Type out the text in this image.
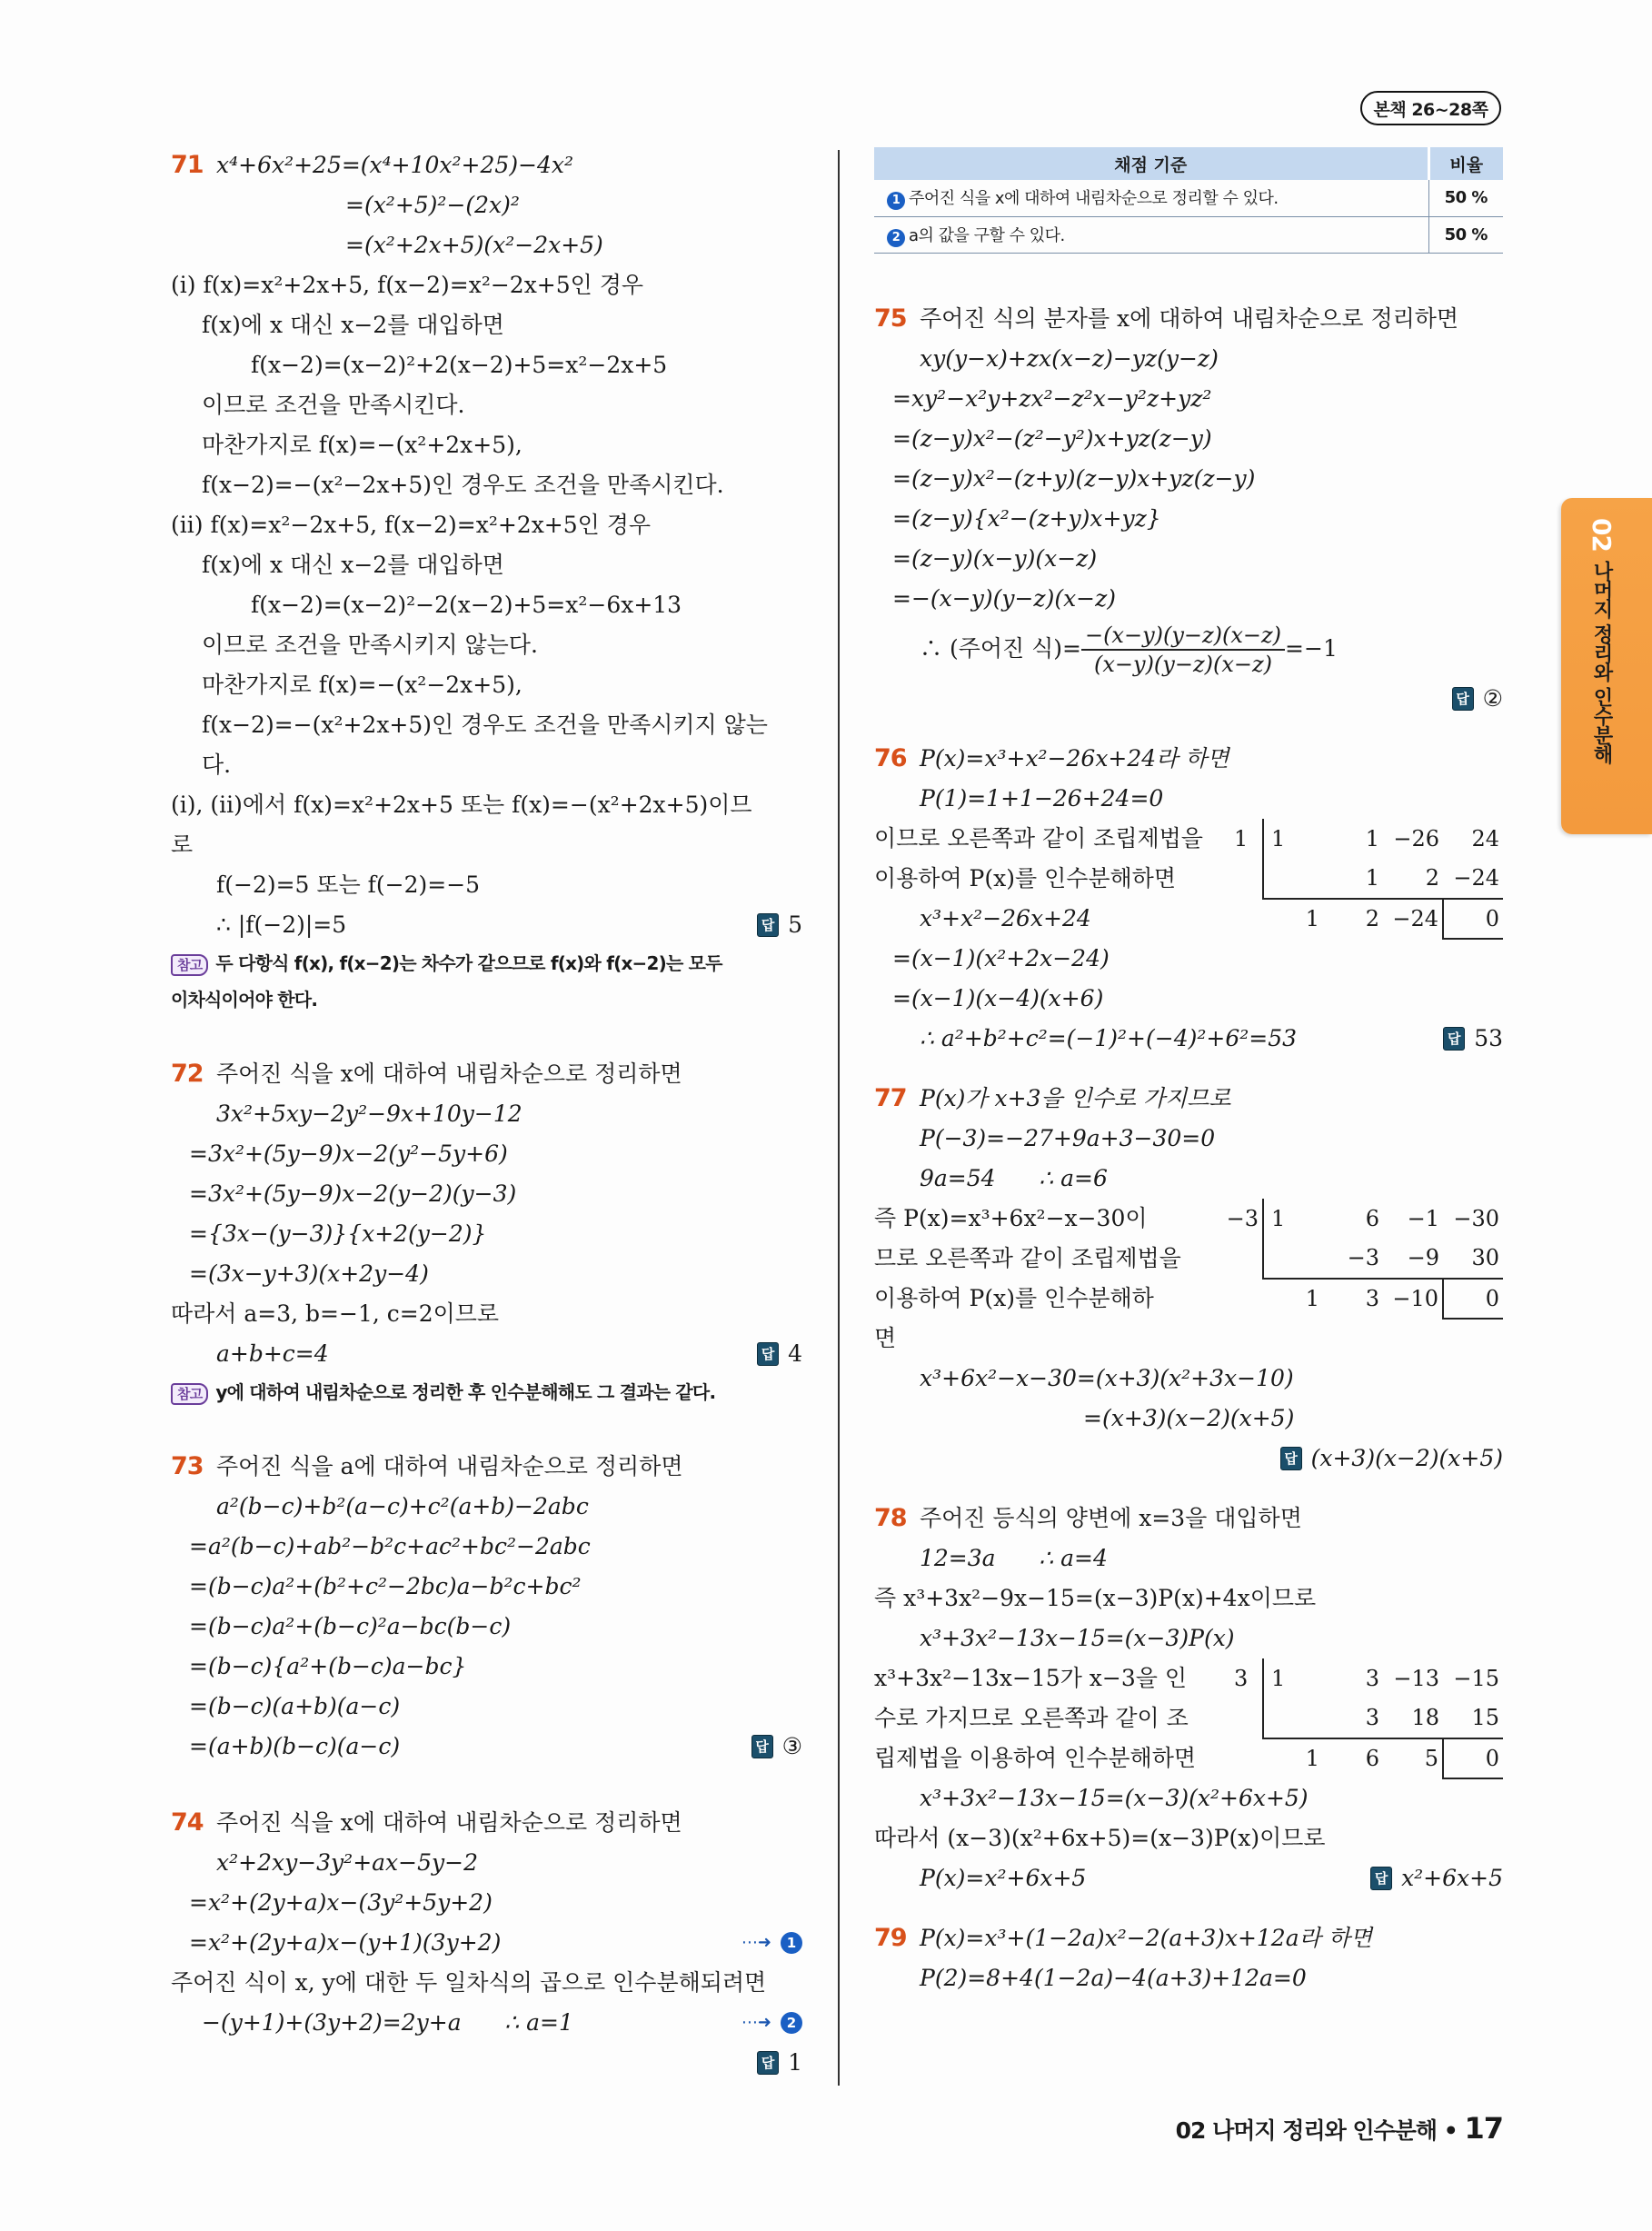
본책 26~28쪽
71 x⁴+6x²+25=(x⁴+10x²+25)−4x²
=(x²+5)²−(2x)²
=(x²+2x+5)(x²−2x+5)
(ⅰ) f(x)=x²+2x+5, f(x−2)=x²−2x+5인 경우
f(x)에 x 대신 x−2를 대입하면
f(x−2)=(x−2)²+2(x−2)+5=x²−2x+5
이므로 조건을 만족시킨다.
마찬가지로 f(x)=−(x²+2x+5),
f(x−2)=−(x²−2x+5)인 경우도 조건을 만족시킨다.
(ⅱ) f(x)=x²−2x+5, f(x−2)=x²+2x+5인 경우
f(x)에 x 대신 x−2를 대입하면
f(x−2)=(x−2)²−2(x−2)+5=x²−6x+13
이므로 조건을 만족시키지 않는다.
마찬가지로 f(x)=−(x²−2x+5),
f(x−2)=−(x²+2x+5)인 경우도 조건을 만족시키지 않는
다.
(ⅰ), (ⅱ)에서 f(x)=x²+2x+5 또는 f(x)=−(x²+2x+5)이므
로
f(−2)=5 또는 f(−2)=−5
∴ |f(−2)|=5	답 5
참고 두 다항식 f(x), f(x−2)는 차수가 같으므로 f(x)와 f(x−2)는 모두
이차식이어야 한다.
72 주어진 식을 x에 대하여 내림차순으로 정리하면
3x²+5xy−2y²−9x+10y−12
=3x²+(5y−9)x−2(y²−5y+6)
=3x²+(5y−9)x−2(y−2)(y−3)
={3x−(y−3)}{x+2(y−2)}
=(3x−y+3)(x+2y−4)
따라서 a=3, b=−1, c=2이므로
a+b+c=4	답 4
참고 y에 대하여 내림차순으로 정리한 후 인수분해해도 그 결과는 같다.
73 주어진 식을 a에 대하여 내림차순으로 정리하면
a²(b−c)+b²(a−c)+c²(a+b)−2abc
=a²(b−c)+ab²−b²c+ac²+bc²−2abc
=(b−c)a²+(b²+c²−2bc)a−b²c+bc²
=(b−c)a²+(b−c)²a−bc(b−c)
=(b−c){a²+(b−c)a−bc}
=(b−c)(a+b)(a−c)
=(a+b)(b−c)(a−c)	답 ③
74 주어진 식을 x에 대하여 내림차순으로 정리하면
x²+2xy−3y²+ax−5y−2
=x²+(2y+a)x−(3y²+5y+2)
=x²+(2y+a)x−(y+1)(3y+2)	⋯➜	1
주어진 식이 x, y에 대한 두 일차식의 곱으로 인수분해되려면
−(y+1)+(3y+2)=2y+a      ∴ a=1	⋯➜	2
답 1
채점 기준	비율
1 주어진 식을 x에 대하여 내림차순으로 정리할 수 있다.	50 %
2 a의 값을 구할 수 있다.	50 %
75 주어진 식의 분자를 x에 대하여 내림차순으로 정리하면
xy(y−x)+zx(x−z)−yz(y−z)
=xy²−x²y+zx²−z²x−y²z+yz²
=(z−y)x²−(z²−y²)x+yz(z−y)
=(z−y)x²−(z+y)(z−y)x+yz(z−y)
=(z−y){x²−(z+y)x+yz}
=(z−y)(x−y)(x−z)
=−(x−y)(y−z)(x−z)
∴ (주어진 식)= $\frac{-(x-y)(y-z)(x-z)}{(x-y)(y-z)(x-z)} =-1$
답 ②
76 P(x)=x³+x²−26x+24라 하면
P(1)=1+1−26+24=0
이므로 오른쪽과 같이 조립제법을
이용하여 P(x)를 인수분해하면
x³+x²−26x+24
=(x−1)(x²+2x−24)
=(x−1)(x−4)(x+6)
∴ a²+b²+c²=(−1)²+(−4)²+6²=53	답 53
1	1	1	−26	24
		1	2	−24
	1	2	−24	0
77 P(x)가 x+3을 인수로 가지므로
P(−3)=−27+9a+3−30=0
9a=54      ∴ a=6
즉 P(x)=x³+6x²−x−30이
므로 오른쪽과 같이 조립제법을
이용하여 P(x)를 인수분해하
면
x³+6x²−x−30=(x+3)(x²+3x−10)
=(x+3)(x−2)(x+5)
답 (x+3)(x−2)(x+5)
−3	1	6	−1	−30
		−3	−9	30
	1	3	−10	0
78 주어진 등식의 양변에 x=3을 대입하면
12=3a      ∴ a=4
즉 x³+3x²−9x−15=(x−3)P(x)+4x이므로
x³+3x²−13x−15=(x−3)P(x)
x³+3x²−13x−15가 x−3을 인
수로 가지므로 오른쪽과 같이 조
립제법을 이용하여 인수분해하면
x³+3x²−13x−15=(x−3)(x²+6x+5)
따라서 (x−3)(x²+6x+5)=(x−3)P(x)이므로
P(x)=x²+6x+5	답 x²+6x+5
3	1	3	−13	−15
		3	18	15
	1	6	5	0
79 P(x)=x³+(1−2a)x²−2(a+3)x+12a라 하면
P(2)=8+4(1−2a)−4(a+3)+12a=0
02나머지 정리와 인수분해
02 나머지 정리와 인수분해 • 17
